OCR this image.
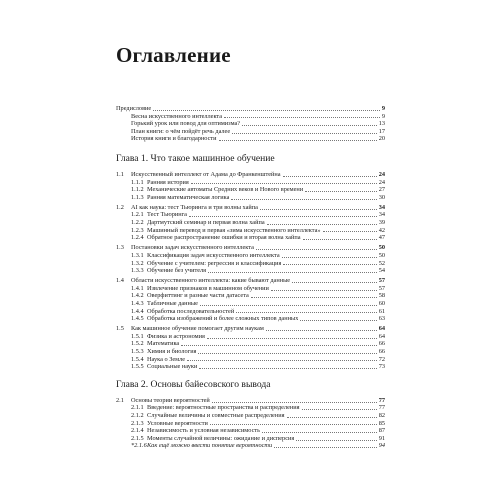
Оглавление
Предисловие	9
Весна искусственного интеллекта	9
Горький урок или повод для оптимизма?	13
План книги: о чём пойдёт речь далее	17
История книги и благодарности	20
Глава 1. Что такое машинное обучение
1.1	Искусственный интеллект от Адама до Франкенштейна	24
1.1.1 Ранняя история	24
1.1.2 Механические автоматы Средних веков и Нового времени	27
1.1.3 Ранняя математическая логика	30
1.2	AI как наука: тест Тьюринга и три волны хайпа	34
1.2.1 Тест Тьюринга	34
1.2.2 Дартмутский семинар и первая волна хайпа	39
1.2.3 Машинный перевод и первая «зима искусственного интеллекта»	42
1.2.4 Обратное распространение ошибки и вторая волна хайпа	47
1.3	Постановки задач искусственного интеллекта	50
1.3.1 Классификация задач искусственного интеллекта	50
1.3.2 Обучение с учителем: регрессия и классификация	52
1.3.3 Обучение без учителя	54
1.4	Области искусственного интеллекта: какие бывают данные	57
1.4.1 Извлечение признаков в машинном обучении	57
1.4.2 Оверфиттинг и разные части датасета	58
1.4.3 Табличные данные	60
1.4.4 Обработка последовательностей	61
1.4.5 Обработка изображений и более сложных типов данных	63
1.5	Как машинное обучение помогает другим наукам	64
1.5.1 Физика и астрономия	64
1.5.2 Математика	66
1.5.3 Химия и биология	66
1.5.4 Наука о Земле	72
1.5.5 Социальные науки	73
Глава 2. Основы байесовского вывода
2.1	Основы теории вероятностей	77
2.1.1 Введение: вероятностные пространства и распределения	77
2.1.2 Случайные величины и совместные распределения	82
2.1.3 Условные вероятности	85
2.1.4 Независимость и условная независимость	87
2.1.5 Моменты случайной величины: ожидание и дисперсия	91
*2.1.6 Как ещё можно ввести понятие вероятности	94
